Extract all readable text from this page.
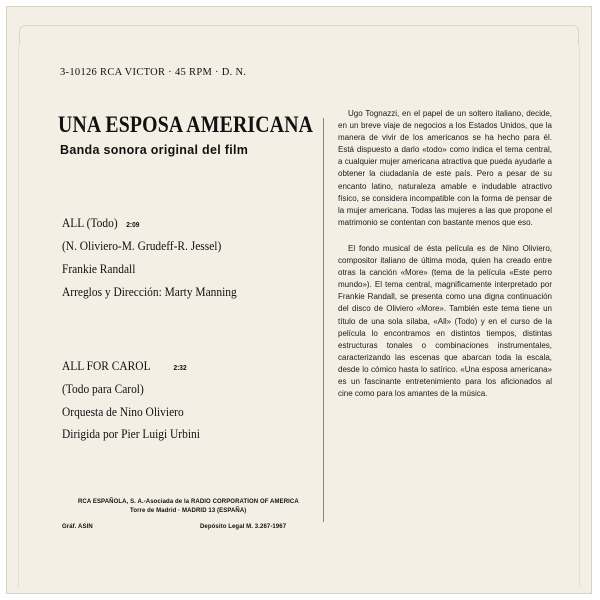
3-10126 RCA VICTOR · 45 RPM · D. N.
UNA ESPOSA AMERICANA
Banda sonora original del film
ALL (Todo) 2:09
(N. Oliviero-M. Grudeff-R. Jessel)
Frankie Randall
Arreglos y Dirección: Marty Manning
ALL FOR CAROL	2:32
(Todo para Carol)
Orquesta de Nino Oliviero
Dirigida por Pier Luigi Urbini
RCA ESPAÑOLA, S. A.-Asociada de la RADIO CORPORATION OF AMERICA
Torre de Madrid · MADRID 13 (ESPAÑA)
Gráf. ASIN	Depósito Legal M. 3.267-1967

Ugo Tognazzi, en el papel de un soltero italiano, decide, en un breve viaje de negocios a los Estados Unidos, que la manera de vivir de los americanos se ha hecho para él. Está dispuesto a darlo «todo» como indica el tema central, a cualquier mujer americana atractiva que pueda ayudarle a obtener la ciudadanía de este país. Pero a pesar de su encanto latino, naturaleza amable e indudable atractivo físico, se considera incompatible con la forma de pensar de la mujer americana. Todas las mujeres a las que propone el matrimonio se contentan con bastante menos que eso.

El fondo musical de ésta película es de Nino Oliviero, compositor italiano de última moda, quien ha creado entre otras la canción «More» (tema de la película «Este perro mundo»). El tema central, magnificamente interpretado por Frankie Randall, se presenta como una digna continuación del disco de Oliviero «More». También este tema tiene un título de una sola sílaba, «All» (Todo) y en el curso de la película lo encontramos en distintos tiempos, distintas estructuras tonales o combinaciones instrumentales, caracterizando las escenas que abarcan toda la escala, desde lo cómico hasta lo satírico. «Una esposa americana» es un fascinante entretenimiento para los aficionados al cine como para los amantes de la música.
